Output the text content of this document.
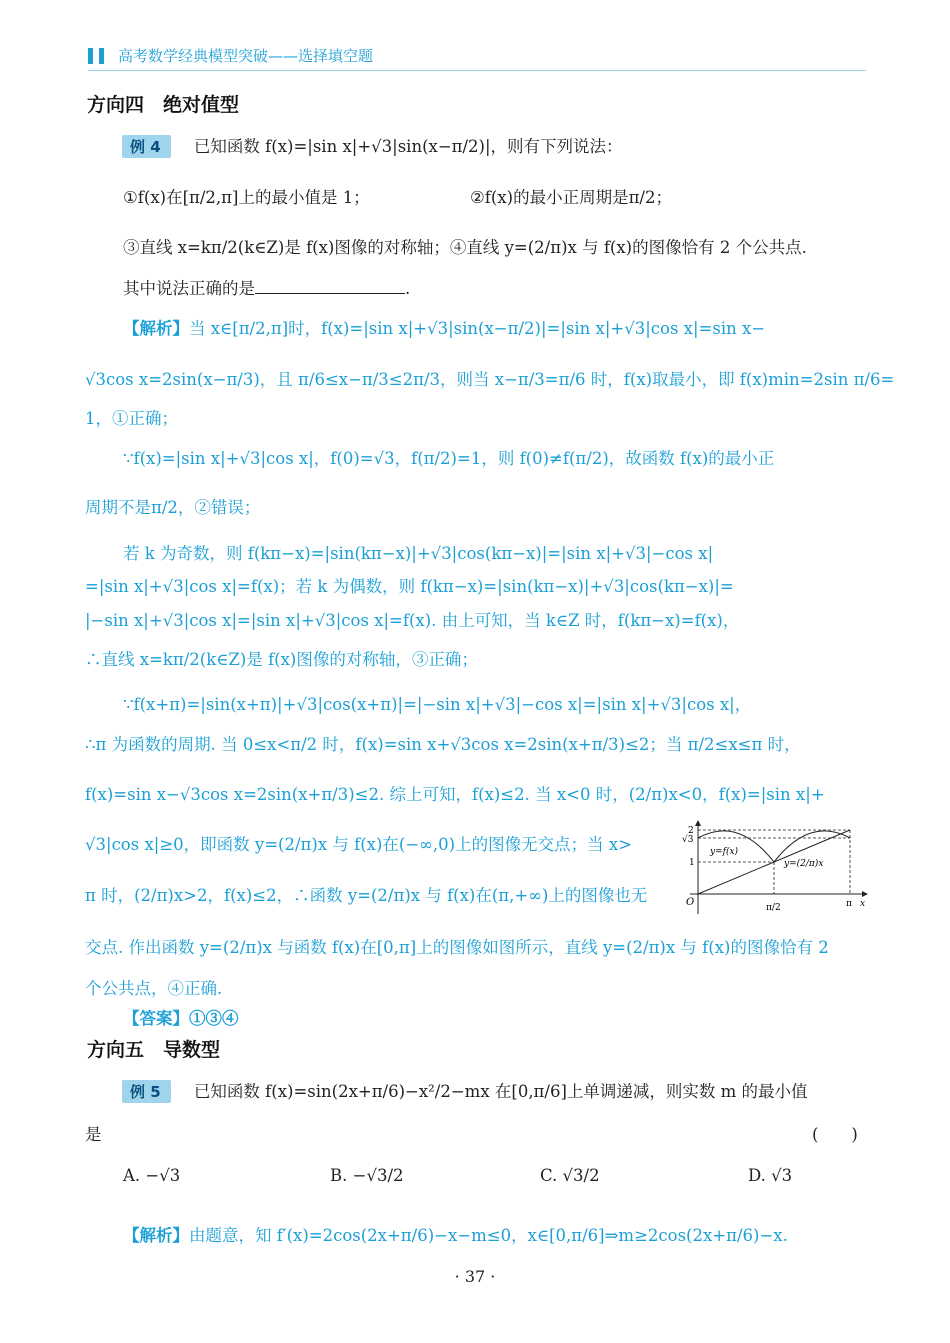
高考数学经典模型突破——选择填空题
方向四　绝对值型
例 4 已知函数 f(x)=|sin x|+√3|sin(x−π/2)|，则有下列说法：
①f(x)在[π/2,π]上的最小值是 1；	②f(x)的最小正周期是π/2；
③直线 x=kπ/2(k∈Z)是 f(x)图像的对称轴；④直线 y=(2/π)x 与 f(x)的图像恰有 2 个公共点.
其中说法正确的是	.
【解析】当 x∈[π/2,π]时，f(x)=|sin x|+√3|sin(x−π/2)|=|sin x|+√3|cos x|=sin x−
√3cos x=2sin(x−π/3)，且 π/6≤x−π/3≤2π/3，则当 x−π/3=π/6 时，f(x)取最小，即 f(x)min=2sin π/6=
1，①正确；
∵f(x)=|sin x|+√3|cos x|，f(0)=√3，f(π/2)=1，则 f(0)≠f(π/2)，故函数 f(x)的最小正
周期不是π/2，②错误；
若 k 为奇数，则 f(kπ−x)=|sin(kπ−x)|+√3|cos(kπ−x)|=|sin x|+√3|−cos x|
=|sin x|+√3|cos x|=f(x)；若 k 为偶数，则 f(kπ−x)=|sin(kπ−x)|+√3|cos(kπ−x)|=
|−sin x|+√3|cos x|=|sin x|+√3|cos x|=f(x). 由上可知，当 k∈Z 时，f(kπ−x)=f(x)，
∴直线 x=kπ/2(k∈Z)是 f(x)图像的对称轴，③正确；
∵f(x+π)=|sin(x+π)|+√3|cos(x+π)|=|−sin x|+√3|−cos x|=|sin x|+√3|cos x|，
∴π 为函数的周期. 当 0≤x<π/2 时，f(x)=sin x+√3cos x=2sin(x+π/3)≤2；当 π/2≤x≤π 时，
f(x)=sin x−√3cos x=2sin(x+π/3)≤2. 综上可知，f(x)≤2. 当 x<0 时，(2/π)x<0，f(x)=|sin x|+
√3|cos x|≥0，即函数 y=(2/π)x 与 f(x)在(−∞,0)上的图像无交点；当 x>
π 时，(2/π)x>2，f(x)≤2，∴函数 y=(2/π)x 与 f(x)在(π,+∞)上的图像也无
交点. 作出函数 y=(2/π)x 与函数 f(x)在[0,π]上的图像如图所示，直线 y=(2/π)x 与 f(x)的图像恰有 2
个公共点，④正确.
【答案】①③④
y=f(x)
y=(2/π)x
2
√3
1
O	π/2	π x
方向五　导数型
例 5 已知函数 f(x)=sin(2x+π/6)−x²/2−mx 在[0,π/6]上单调递减，则实数 m 的最小值
是	(　　)
A. −√3	B. −√3/2	C. √3/2	D. √3
【解析】由题意，知 f′(x)=2cos(2x+π/6)−x−m≤0，x∈[0,π/6]⇒m≥2cos(2x+π/6)−x.
· 37 ·
